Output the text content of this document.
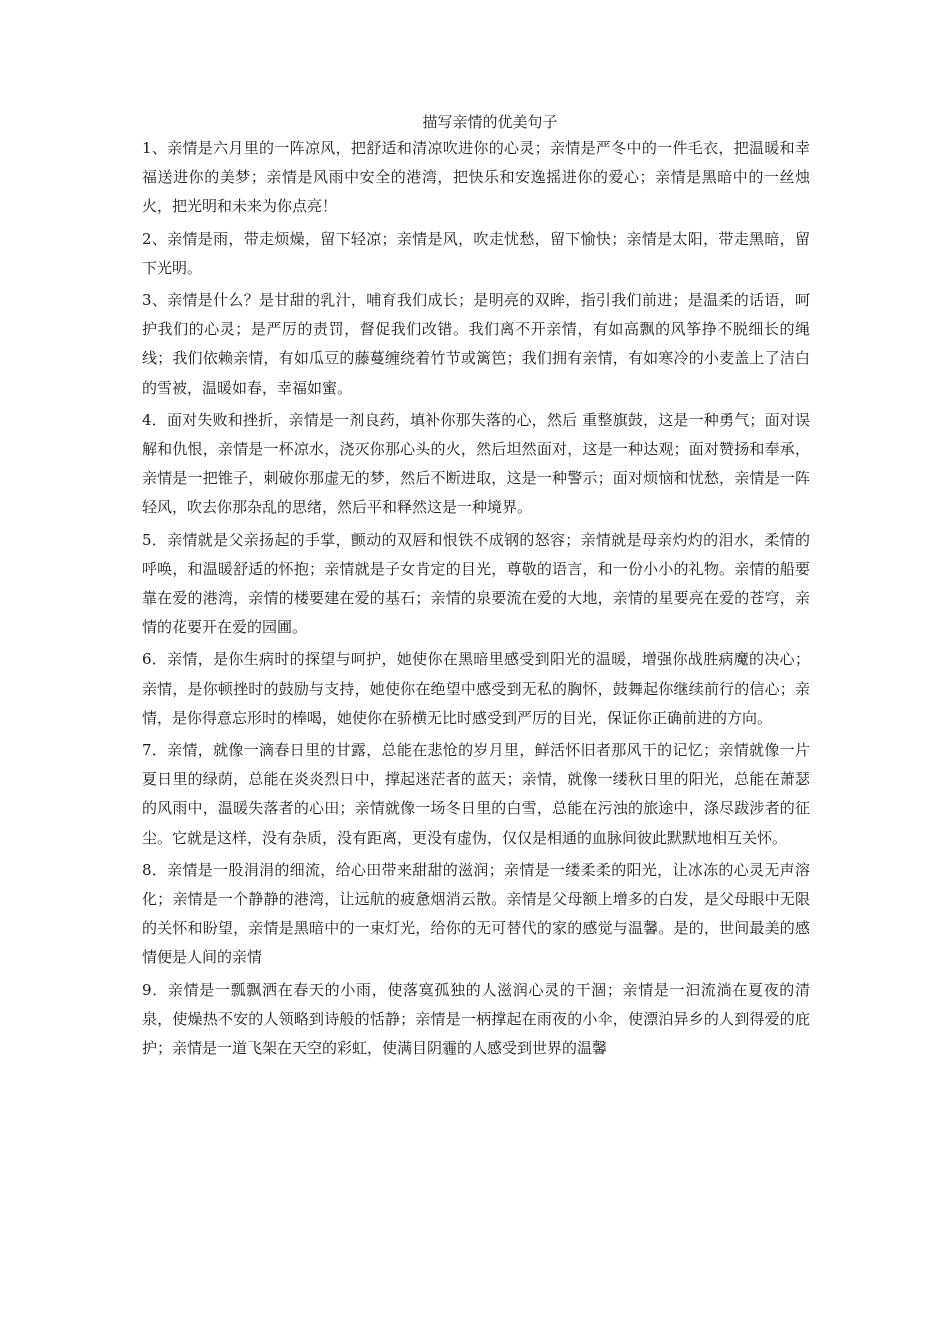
描写亲情的优美句子

1、亲情是六月里的一阵凉风，把舒适和清凉吹进你的心灵；亲情是严冬中的一件毛衣，把温暖和幸福送进你的美梦；亲情是风雨中安全的港湾，把快乐和安逸摇进你的爱心；亲情是黑暗中的一丝烛火，把光明和未来为你点亮！

2、亲情是雨，带走烦燥，留下轻凉；亲情是风，吹走忧愁，留下愉快；亲情是太阳，带走黑暗，留下光明。

3、亲情是什么？是甘甜的乳汁，哺育我们成长；是明亮的双眸，指引我们前进；是温柔的话语，呵护我们的心灵；是严厉的责罚，督促我们改错。我们离不开亲情，有如高飘的风筝挣不脱细长的绳线；我们依赖亲情，有如瓜豆的藤蔓缠绕着竹节或篱笆；我们拥有亲情，有如寒冷的小麦盖上了洁白的雪被，温暖如春，幸福如蜜。

4．面对失败和挫折，亲情是一剂良药，填补你那失落的心，然后 重整旗鼓，这是一种勇气；面对误解和仇恨，亲情是一杯凉水，浇灭你那心头的火，然后坦然面对，这是一种达观；面对赞扬和奉承，亲情是一把锥子，刺破你那虚无的梦，然后不断进取，这是一种警示；面对烦恼和忧愁，亲情是一阵轻风，吹去你那杂乱的思绪，然后平和释然这是一种境界。

5．亲情就是父亲扬起的手掌，颤动的双唇和恨铁不成钢的怒容；亲情就是母亲灼灼的泪水，柔情的呼唤，和温暖舒适的怀抱；亲情就是子女肯定的目光，尊敬的语言，和一份小小的礼物。亲情的船要靠在爱的港湾，亲情的楼要建在爱的基石；亲情的泉要流在爱的大地，亲情的星要亮在爱的苍穹，亲情的花要开在爱的园圃。

6．亲情，是你生病时的探望与呵护，她使你在黑暗里感受到阳光的温暖，增强你战胜病魔的决心；亲情，是你顿挫时的鼓励与支持，她使你在绝望中感受到无私的胸怀，鼓舞起你继续前行的信心；亲情，是你得意忘形时的棒喝，她使你在骄横无比时感受到严厉的目光，保证你正确前进的方向。

7．亲情，就像一滴春日里的甘露，总能在悲怆的岁月里，鲜活怀旧者那风干的记忆；亲情就像一片夏日里的绿荫，总能在炎炎烈日中，撑起迷茫者的蓝天；亲情，就像一缕秋日里的阳光，总能在萧瑟的风雨中，温暖失落者的心田；亲情就像一场冬日里的白雪，总能在污浊的旅途中，涤尽跋涉者的征尘。它就是这样，没有杂质，没有距离，更没有虚伪，仅仅是相通的血脉间彼此默默地相互关怀。

8．亲情是一股涓涓的细流，给心田带来甜甜的滋润；亲情是一缕柔柔的阳光，让冰冻的心灵无声溶化；亲情是一个静静的港湾，让远航的疲惫烟消云散。亲情是父母额上增多的白发，是父母眼中无限的关怀和盼望，亲情是黑暗中的一束灯光，给你的无可替代的家的感觉与温馨。是的，世间最美的感情便是人间的亲情

9．亲情是一瓢飘洒在春天的小雨，使落寞孤独的人滋润心灵的干涸；亲情是一汩流淌在夏夜的清泉，使燥热不安的人领略到诗般的恬静；亲情是一柄撑起在雨夜的小伞，使漂泊异乡的人到得爱的庇护；亲情是一道飞架在天空的彩虹，使满目阴霾的人感受到世界的温馨
